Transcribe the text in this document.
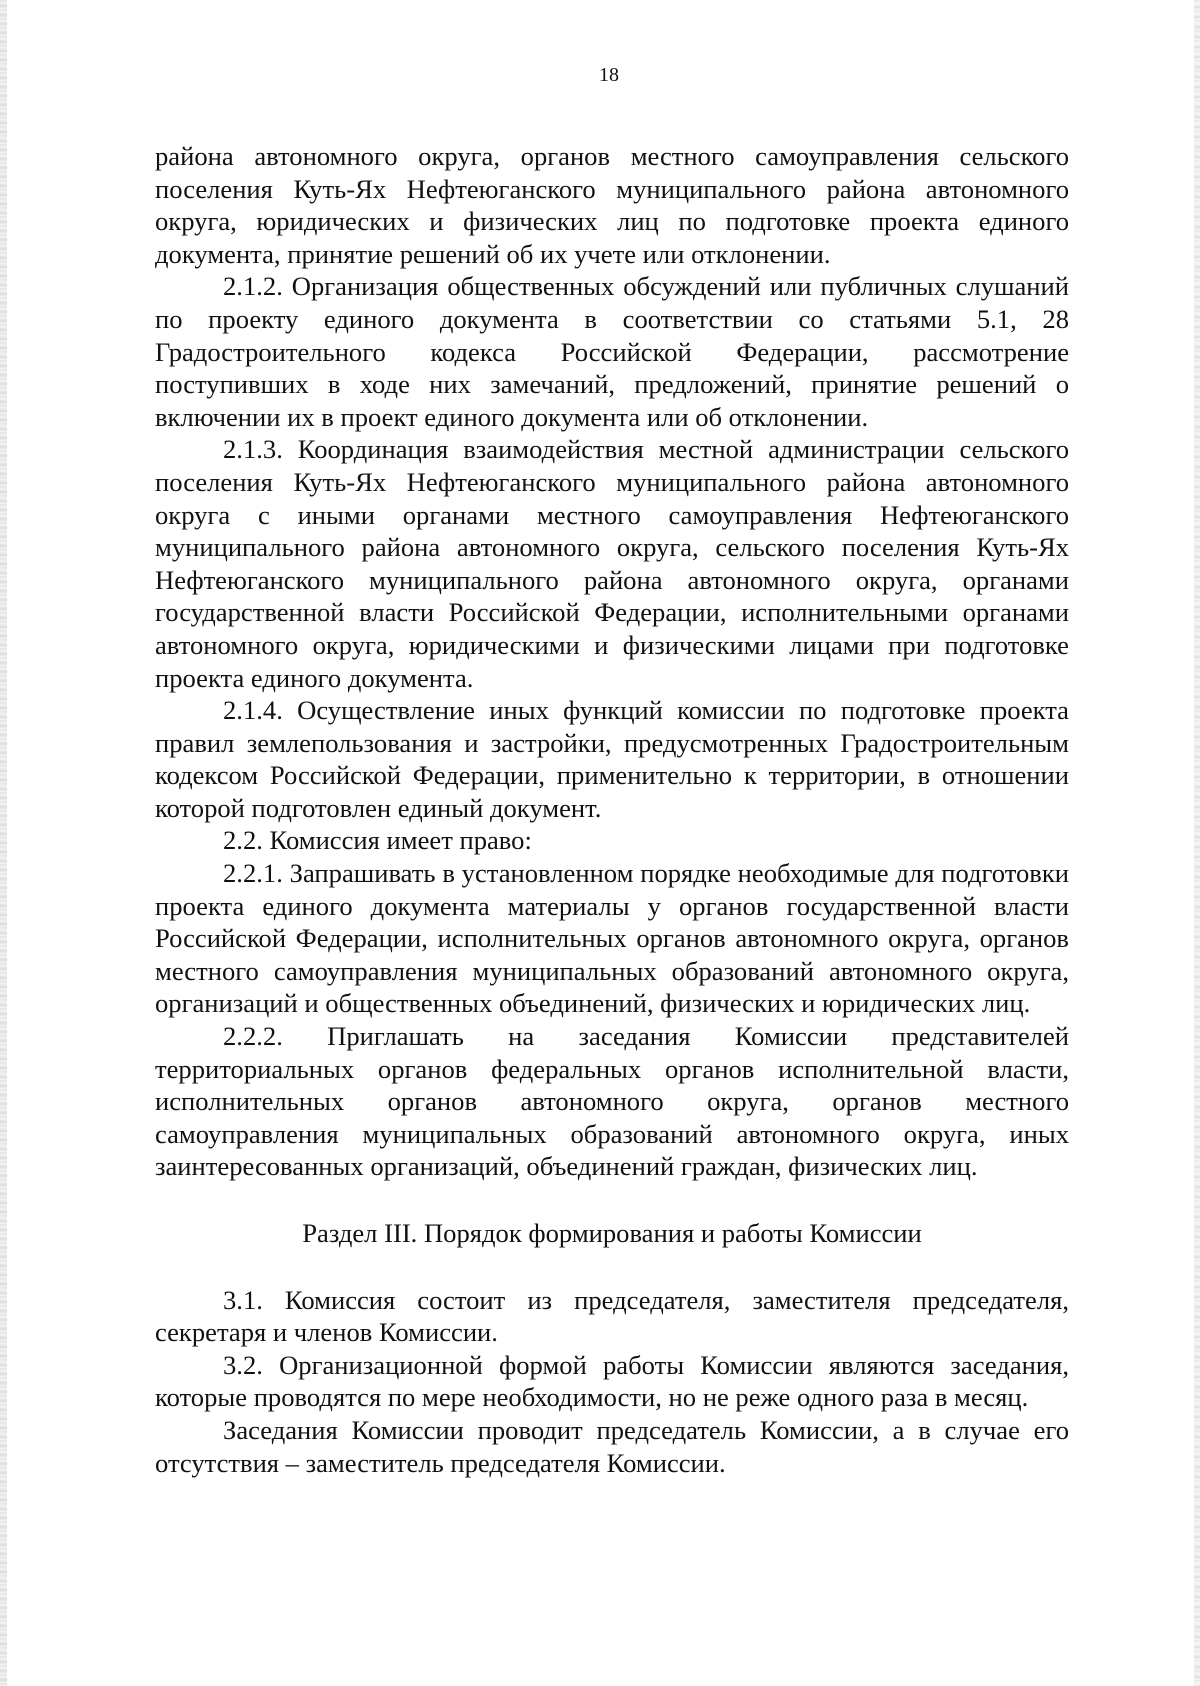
18

района автономного округа, органов местного самоуправления сельского поселения Куть-Ях Нефтеюганского муниципального района автономного округа, юридических и физических лиц по подготовке проекта единого документа, принятие решений об их учете или отклонении.

2.1.2. Организация общественных обсуждений или публичных слушаний по проекту единого документа в соответствии со статьями 5.1, 28 Градостроительного кодекса Российской Федерации, рассмотрение поступивших в ходе них замечаний, предложений, принятие решений о включении их в проект единого документа или об отклонении.

2.1.3. Координация взаимодействия местной администрации сельского поселения Куть-Ях Нефтеюганского муниципального района автономного округа с иными органами местного самоуправления Нефтеюганского муниципального района автономного округа, сельского поселения Куть-Ях Нефтеюганского муниципального района автономного округа, органами государственной власти Российской Федерации, исполнительными органами автономного округа, юридическими и физическими лицами при подготовке проекта единого документа.

2.1.4. Осуществление иных функций комиссии по подготовке проекта правил землепользования и застройки, предусмотренных Градостроительным кодексом Российской Федерации, применительно к территории, в отношении которой подготовлен единый документ.

2.2. Комиссия имеет право:

2.2.1. Запрашивать в установленном порядке необходимые для подготовки проекта единого документа материалы у органов государственной власти Российской Федерации, исполнительных органов автономного округа, органов местного самоуправления муниципальных образований автономного округа, организаций и общественных объединений, физических и юридических лиц.

2.2.2. Приглашать на заседания Комиссии представителей территориальных органов федеральных органов исполнительной власти, исполнительных органов автономного округа, органов местного самоуправления муниципальных образований автономного округа, иных заинтересованных организаций, объединений граждан, физических лиц.

Раздел III. Порядок формирования и работы Комиссии

3.1. Комиссия состоит из председателя, заместителя председателя, секретаря и членов Комиссии.

3.2. Организационной формой работы Комиссии являются заседания, которые проводятся по мере необходимости, но не реже одного раза в месяц.

Заседания Комиссии проводит председатель Комиссии, а в случае его отсутствия – заместитель председателя Комиссии.
